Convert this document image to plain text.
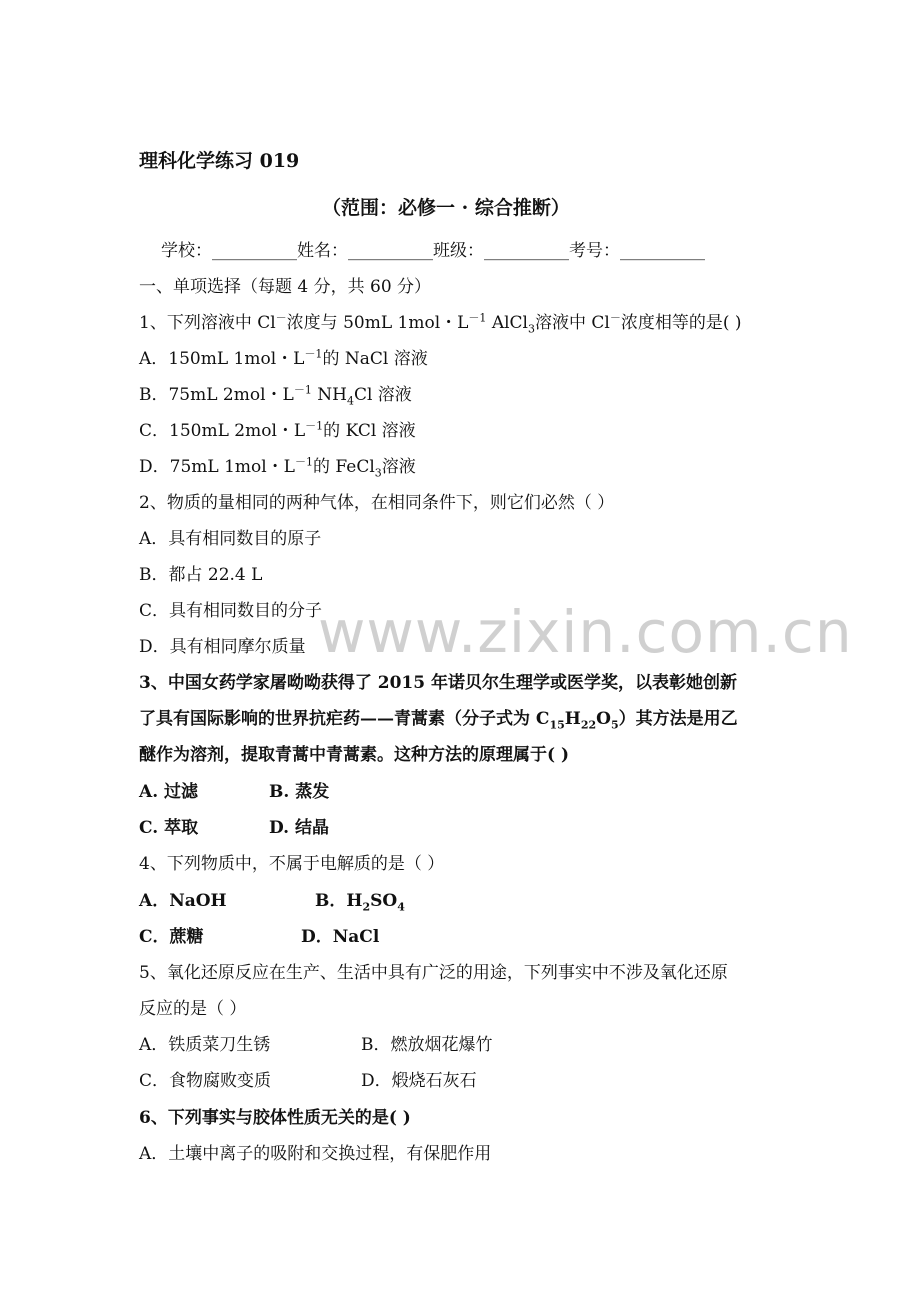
理科化学练习 019
（范围：必修一 · 综合推断）
学校：__________姓名：__________班级：__________考号：__________
一、单项选择（每题 4 分，共 60 分）
1、下列溶液中 Cl－浓度与 50mL 1mol・$L^{-1}$ AlCl$_3$溶液中 Cl－浓度相等的是( )
A．150mL 1mol・$L^{-1}$的 NaCl 溶液
B．75mL 2mol・$L^{-1}$ $NH_4Cl$ 溶液
C．150mL 2mol・$L^{-1}$的 KCl 溶液
D．75mL 1mol・$L^{-1}$的 FeCl$_3$溶液
2、物质的量相同的两种气体，在相同条件下，则它们必然（ ）
A．具有相同数目的原子
B．都占 22.4 L
C．具有相同数目的分子
D．具有相同摩尔质量
3、中国女药学家屠呦呦获得了 2015 年诺贝尔生理学或医学奖，以表彰她创新
了具有国际影响的世界抗疟药——青蒿素（分子式为 $C_{15}H_{22}O_5$）其方法是用乙
醚作为溶剂，提取青蒿中青蒿素。这种方法的原理属于( )
A. 过滤	B. 蒸发
C. 萃取	D. 结晶
4、下列物质中，不属于电解质的是（ ）
A．NaOH	B．$H_2SO_4$
C．蔗糖	D．NaCl
5、氧化还原反应在生产、生活中具有广泛的用途，下列事实中不涉及氧化还原
反应的是（ ）
A．铁质菜刀生锈	B．燃放烟花爆竹
C．食物腐败变质	D．煅烧石灰石
6、下列事实与胶体性质无关的是( )
A．土壤中离子的吸附和交换过程，有保肥作用
www.zixin.com.cn
